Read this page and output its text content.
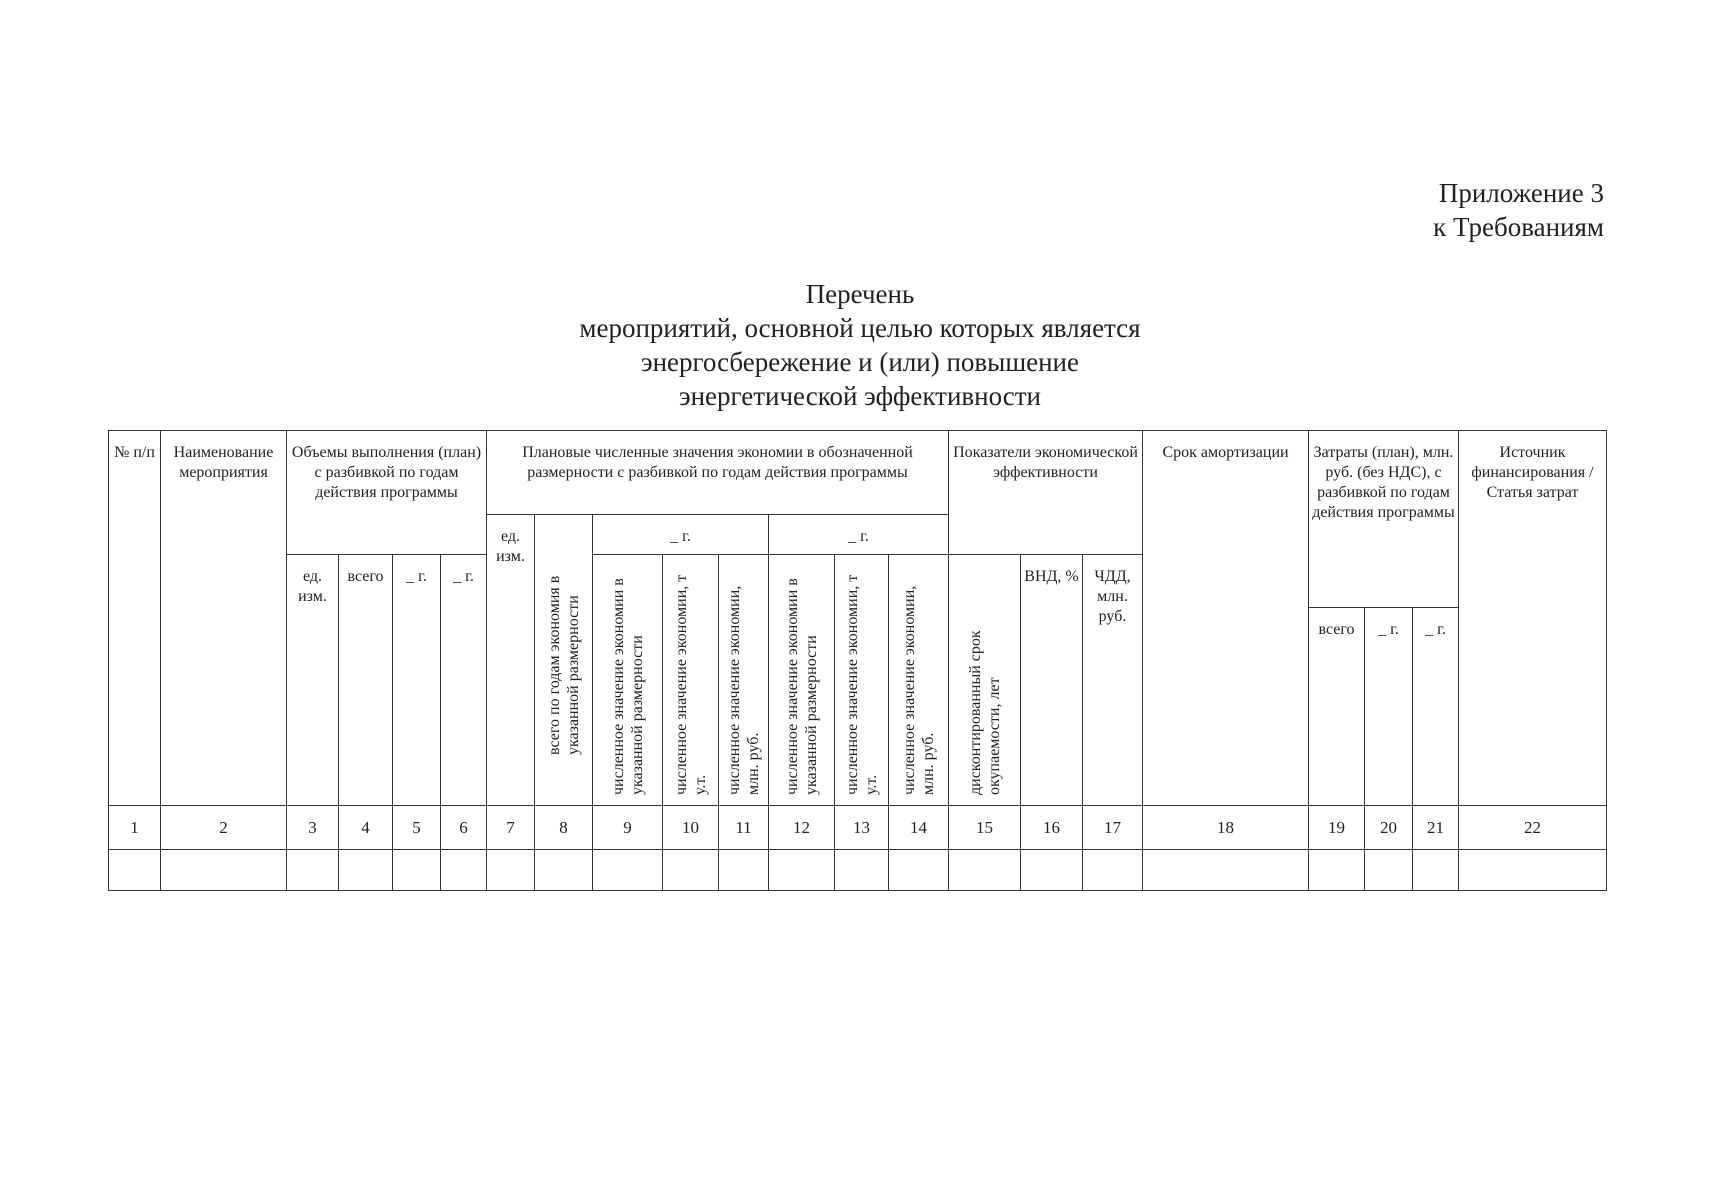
Приложение 3
к Требованиям
Перечень
мероприятий, основной целью которых является
энергосбережение и (или) повышение
энергетической эффективности
№ п/п	Наименование мероприятия	Объемы выполнения (план) с разбивкой по годам действия программы				Плановые численные значения экономии в обозначенной размерности с разбивкой по годам действия программы								Показатели экономической эффективности			Срок амортизации	Затраты (план), млн. руб. (без НДС), с разбивкой по годам действия программы			Источник финансирования / Статья затрат

						ед. изм.	всего по годам экономия в указанной размерности	_ г.			_ г.										

		ед. изм.	всего	_ г.	_ г.			численное значение экономии в указанной размерности	численное значение экономии, т у.т.	численное значение экономии, млн. руб.	численное значение экономии в указанной размерности	численное значение экономии, т у.т.	численное значение экономии, млн. руб.	дисконтированный срок окупаемости, лет	ВНД, %	ЧДД, млн. руб.					

																		всего	_ г.	_ г.	

1	2	3	4	5	6	7	8	9	10	11	12	13	14	15	16	17	18	19	20	21	22
